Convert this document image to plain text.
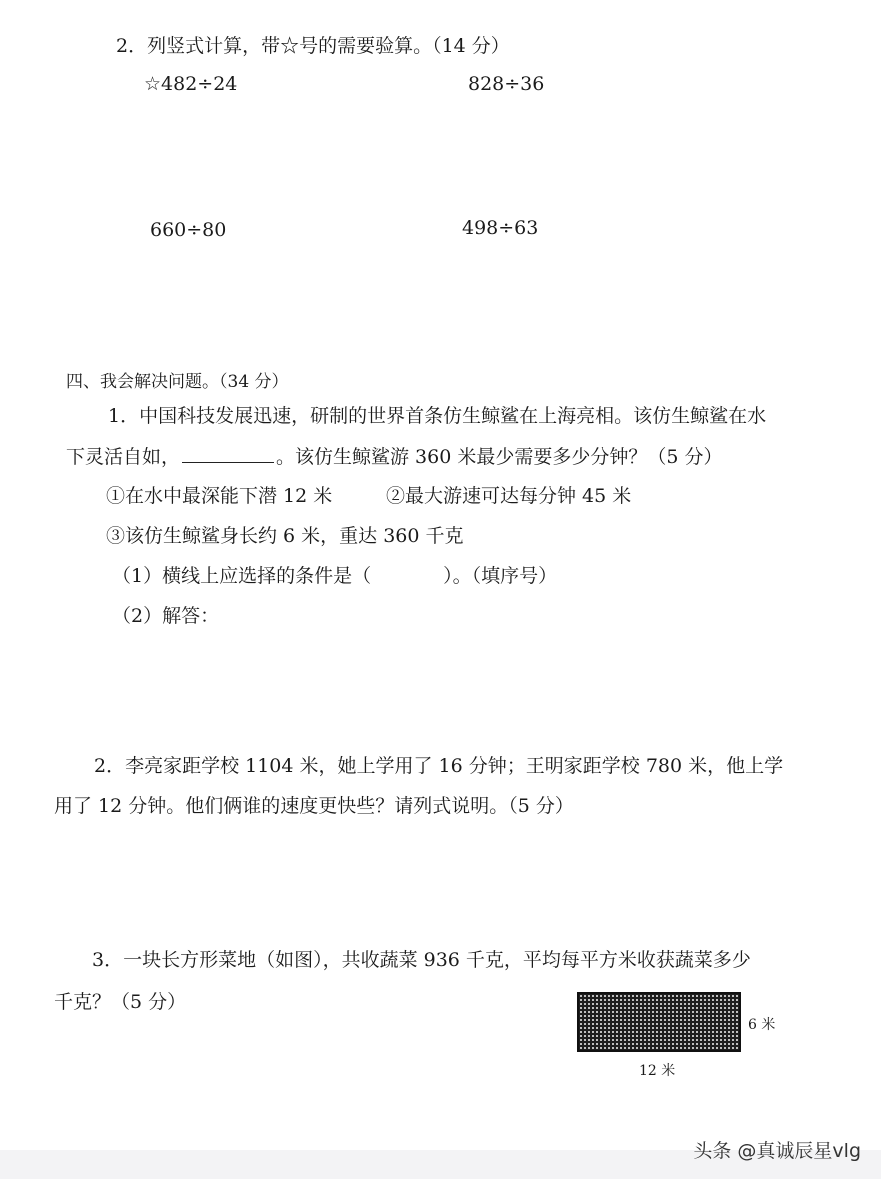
2．列竖式计算，带☆号的需要验算。（14 分）
☆482÷24	828÷36
660÷80	498÷63
四、我会解决问题。（34 分）
1．中国科技发展迅速，研制的世界首条仿生鲸鲨在上海亮相。该仿生鲸鲨在水
下灵活自如，	。该仿生鲸鲨游 360 米最少需要多少分钟？（5 分）
①在水中最深能下潜 12 米	②最大游速可达每分钟 45 米
③该仿生鲸鲨身长约 6 米，重达 360 千克
（1）横线上应选择的条件是（	）。（填序号）
（2）解答：
2．李亮家距学校 1104 米，她上学用了 16 分钟；王明家距学校 780 米，他上学
用了 12 分钟。他们俩谁的速度更快些？请列式说明。（5 分）
3．一块长方形菜地（如图），共收蔬菜 936 千克，平均每平方米收获蔬菜多少
千克？（5 分）
6 米
12 米
头条 @真诚辰星vlg
